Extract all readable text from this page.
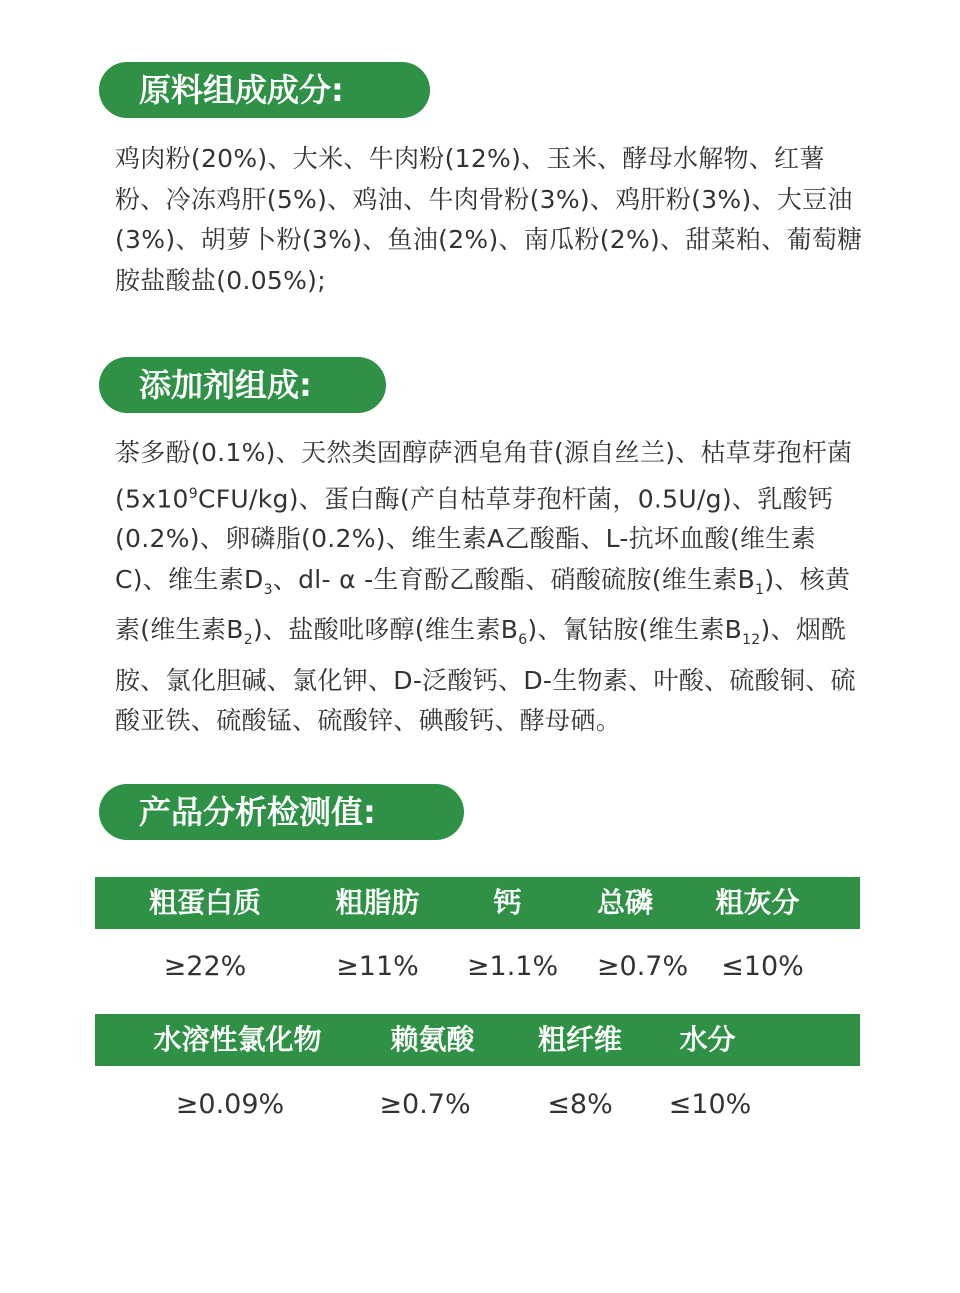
原料组成成分:
鸡肉粉(20%)、大米、牛肉粉(12%)、玉米、酵母水解物、红薯粉、冷冻鸡肝(5%)、鸡油、牛肉骨粉(3%)、鸡肝粉(3%)、大豆油(3%)、胡萝卜粉(3%)、鱼油(2%)、南瓜粉(2%)、甜菜粕、葡萄糖胺盐酸盐(0.05%);
添加剂组成:
茶多酚(0.1%)、天然类固醇萨洒皂角苷(源自丝兰)、枯草芽孢杆菌$(5x10^9CFU/kg)$、蛋白酶(产自枯草芽孢杆菌，0.5U/g)、乳酸钙(0.2%)、卵磷脂(0.2%)、维生素A乙酸酯、L-抗坏血酸(维生素C)、维生素$D_3$、dl- α -生育酚乙酸酯、硝酸硫胺(维生素$B_1$)、核黄素(维生素$B_2$)、盐酸吡哆醇(维生素$B_6$)、氰钴胺(维生素$B_{12}$)、烟酰胺、氯化胆碱、氯化钾、D-泛酸钙、D-生物素、叶酸、硫酸铜、硫酸亚铁、硫酸锰、硫酸锌、碘酸钙、酵母硒。
产品分析检测值:
粗蛋白质	粗脂肪	钙	总磷	粗灰分
≥22%	≥11%	≥1.1%	≥0.7%	≤10%
水溶性氯化物	赖氨酸	粗纤维	水分
≥0.09%	≥0.7%	≤8%	≤10%
